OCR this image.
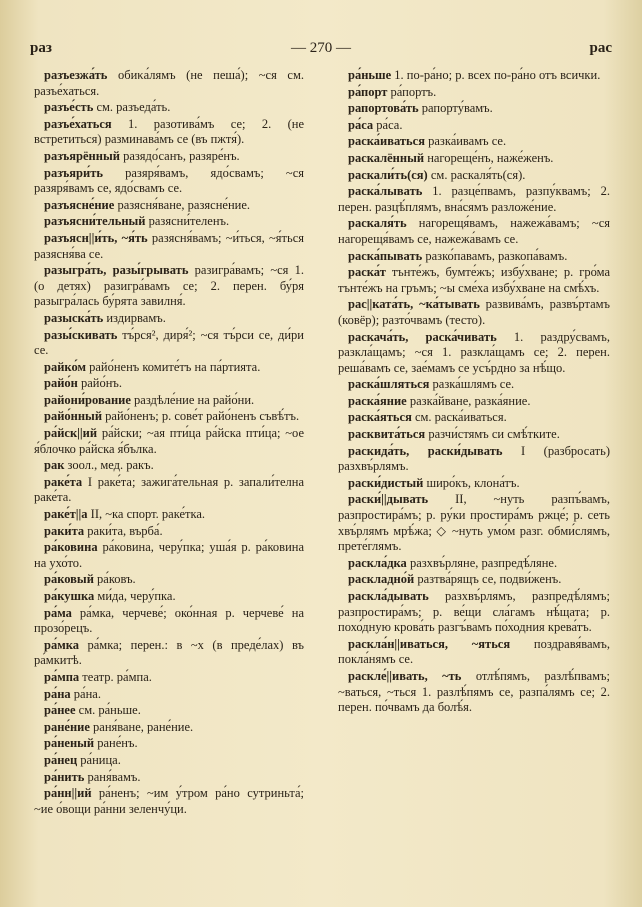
раз	— 270 —	рас
разъезжа́ть обиκа́лямъ (не пеша́); ~ся см. разъе́хаться.
разъе́сть см. разъеда́ть.
разъе́хаться 1. разотива́мъ се; 2. (не встретиться) разминава́мъ се (въ пжтя́).
разъярённый разядо́санъ, разяре́нъ.
разъяри́ть разяря́вамъ, ядо́свамъ; ~ся разяря́вамъ се, ядо́свамъ се.
разъясне́ние разясня́ване, разясне́ние.
разъясни́тельный разясни́теленъ.
разъясн||и́ть, ~я́ть разясня́вамъ; ~и́ться, ~я́ться разясня́ва се.
разыгра́ть, разы́грывать разигра́вамъ; ~ся 1. (о детях) разигра́вамъ се; 2. перен. бу́ря разыгра́лась бу́рята завилня́.
разыска́ть издирвамъ.
разы́скивать тъ́рся², диря́²; ~ся тъ́рси се, ди́ри се.
райко́м райо́ненъ комите́тъ на па́ртията.
райо́н райо́нъ.
райони́рование раздѣле́ние на райо́ни.
райо́нный райо́ненъ; р. сове́т райо́ненъ съвѣ́тъ.
ра́йск||ий ра́йски; ~ая пти́ца ра́йска пти́ца; ~ое я́блочко ра́йска я́бълка.
рак зоол., мед. ракъ.
раке́та I раке́та; зажига́тельная р. запали́телна раке́та.
раке́т||а II, ~ка спорт. раке́тка.
раки́та раки́та, върба́.
ра́ковина ра́ковина, черу́пка; уша́я р. ра́ковина на ухо́то.
ра́ковый ра́ковъ.
ра́кушка ми́да, черу́пка.
ра́ма ра́мка, черчеве́; око́нная р. черчеве́ на прозо́рецъ.
ра́мка ра́мка; перен.: в ~х (в преде́лах) въ ра́мкитѣ.
ра́мпа театр. ра́мпа.
ра́на ра́на.
ра́нее см. ра́ньше.
ране́ние раня́ване, ране́ние.
ра́неный ране́нъ.
ра́нец ра́ница.
ра́нить раня́вамъ.
ра́нн||ий ра́ненъ; ~им у́тром ра́но сутриньта́; ~ие о́вощи ра́нни зеленчу́ци.
ра́ньше 1. по-ра́но; р. всех по-ра́но отъ всички.
ра́порт ра́портъ.
рапортова́ть рапорту́вамъ.
ра́са ра́са.
раска́иваться разка́ивамъ се.
раскалённый нагореще́нъ, наже́женъ.
раскали́ть(ся) см. раскаля́ть(ся).
раска́лывать 1. разце́пвамъ, разпу́квамъ; 2. перен. разцѣ́плямъ, вна́сямъ разложе́ние.
раскаля́ть нагорещя́вамъ, нажежа́вамъ; ~ся нагорещя́вамъ се, нажежа́вамъ се.
раска́пывать разко́павамъ, разкопа́вамъ.
раска́т тънте́жъ, бумте́жъ; избу́хване; р. гро́ма тънте́жъ на гръмъ; ~ы сме́ха избу́хване на смѣ́хъ.
рас||ката́ть, ~ка́тывать развива́мъ, развъ́ртамъ (ковёр); разто́чвамъ (тесто).
раскача́ть, раска́чивать 1. раздру́свамъ, разкла́щамъ; ~ся 1. разкла́щамъ се; 2. перен. реша́вамъ се, зае́мамъ се усъ́рдно за нѣ́що.
раска́шляться разка́шлямъ се.
раска́яние разка́йване, разка́яние.
раска́яться см. раска́иваться.
расквита́ться разчи́стямъ си смѣ́тките.
раскида́ть, раски́дывать I (разбросать) разхвъ́рлямъ.
раски́дистый широ́къ, клона́тъ.
раски́||дывать II, ~нуть разпъ́вамъ, разпростира́мъ; р. ру́ки простира́мъ ржце́; р. сеть хвъ́рлямъ мрѣ́жа; ◇ ~нуть умо́м разг. обми́слямъ, прете́глямъ.
раскла́дка разхвъ́рляне, разпредѣ́ляне.
раскладно́й разтва́рящъ се, подви́женъ.
раскла́дывать разхвъ́рлямъ, разпредѣ́лямъ; разпростира́мъ; р. ве́щи сла́гамъ нѣ́щата; р. похо́дную крова́ть разгъ́вамъ по́ходния крева́тъ.
раскла́н||иваться, ~яться поздравя́вамъ, покла́нямъ се.
раскле́||ивать, ~ть отлѣ́пямъ, разлѣ́пвамъ; ~ваться, ~ться 1. разлѣ́пямъ се, разпа́лямъ се; 2. перен. по́чвамъ да болѣ́я.
